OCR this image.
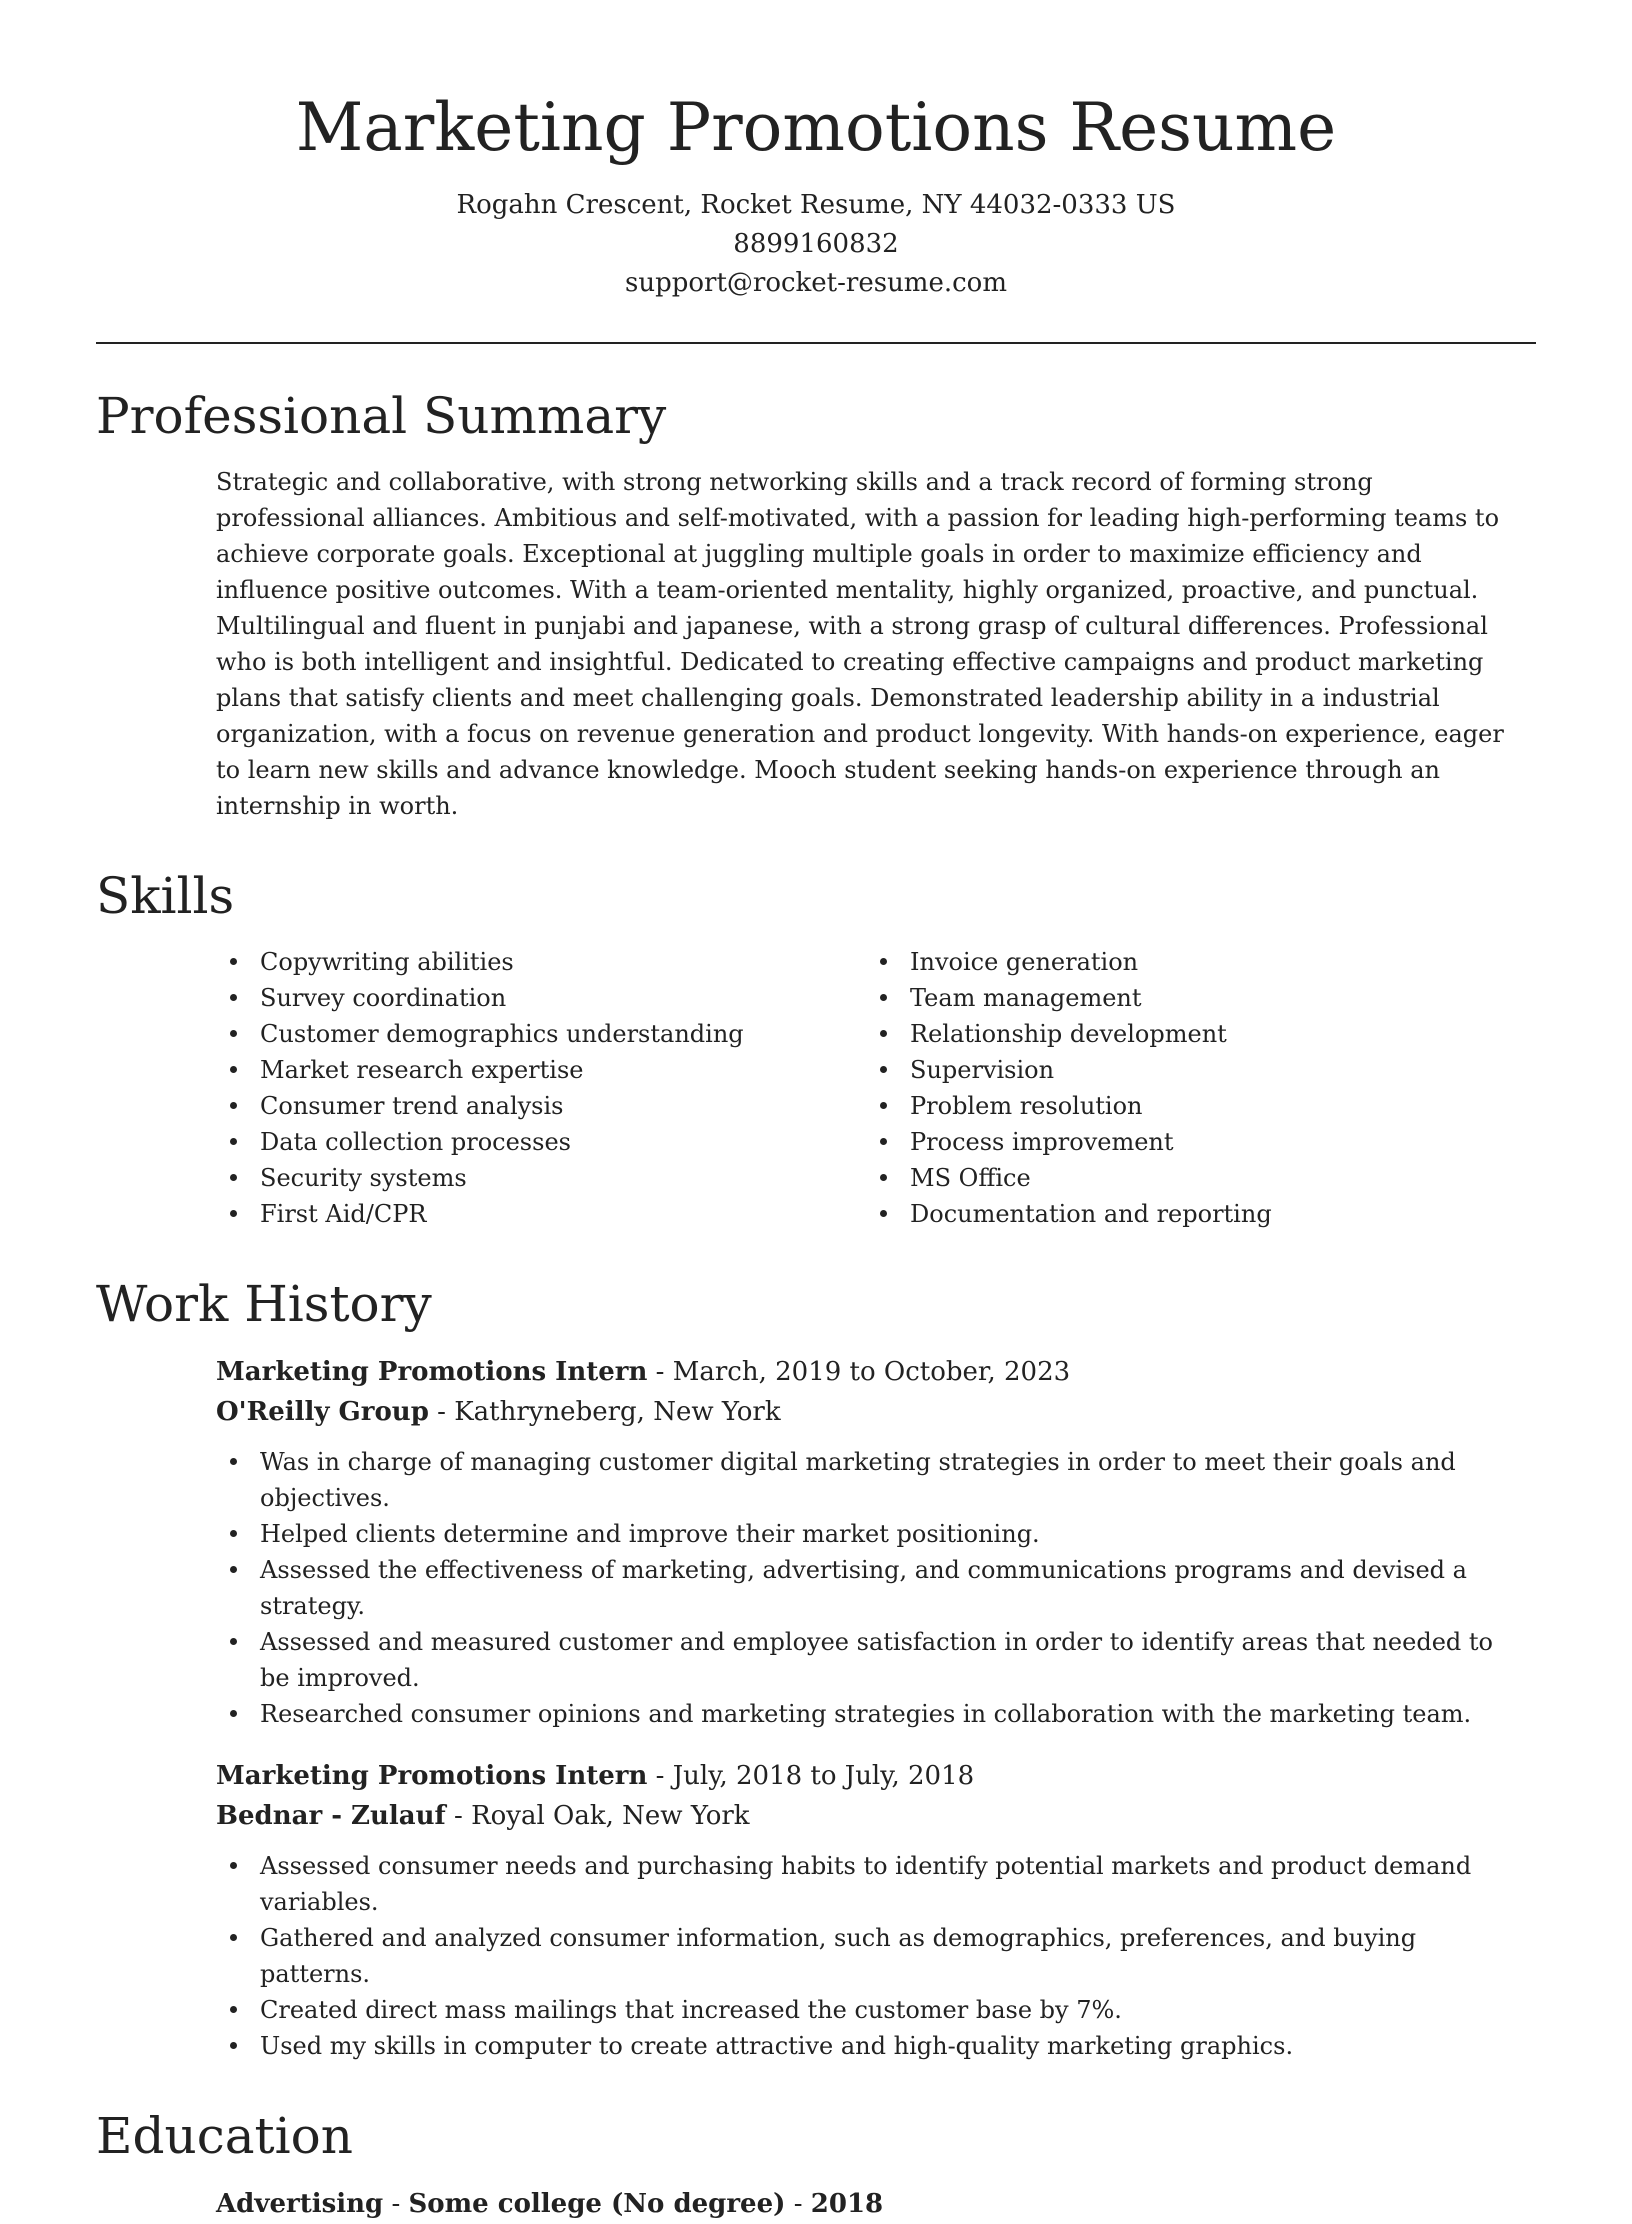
Marketing Promotions Resume
Rogahn Crescent, Rocket Resume, NY 44032-0333 US
8899160832
support@rocket-resume.com
Professional Summary

Strategic and collaborative, with strong networking skills and a track record of forming strong professional alliances. Ambitious and self-motivated, with a passion for leading high-performing teams to achieve corporate goals. Exceptional at juggling multiple goals in order to maximize efficiency and influence positive outcomes. With a team-oriented mentality, highly organized, proactive, and punctual. Multilingual and fluent in punjabi and japanese, with a strong grasp of cultural differences. Professional who is both intelligent and insightful. Dedicated to creating effective campaigns and product marketing plans that satisfy clients and meet challenging goals. Demonstrated leadership ability in a industrial organization, with a focus on revenue generation and product longevity. With hands-on experience, eager to learn new skills and advance knowledge. Mooch student seeking hands-on experience through an internship in worth.

Skills
Copywriting abilities
Survey coordination
Customer demographics understanding
Market research expertise
Consumer trend analysis
Data collection processes
Security systems
First Aid/CPR
Invoice generation
Team management
Relationship development
Supervision
Problem resolution
Process improvement
MS Office
Documentation and reporting
Work History
Marketing Promotions Intern - March, 2019 to October, 2023
O'Reilly Group - Kathryneberg, New York
Was in charge of managing customer digital marketing strategies in order to meet their goals and objectives.
Helped clients determine and improve their market positioning.
Assessed the effectiveness of marketing, advertising, and communications programs and devised a strategy.
Assessed and measured customer and employee satisfaction in order to identify areas that needed to be improved.
Researched consumer opinions and marketing strategies in collaboration with the marketing team.
Marketing Promotions Intern - July, 2018 to July, 2018
Bednar - Zulauf - Royal Oak, New York
Assessed consumer needs and purchasing habits to identify potential markets and product demand variables.
Gathered and analyzed consumer information, such as demographics, preferences, and buying patterns.
Created direct mass mailings that increased the customer base by 7%.
Used my skills in computer to create attractive and high-quality marketing graphics.
Education
Advertising - Some college (No degree) - 2018
